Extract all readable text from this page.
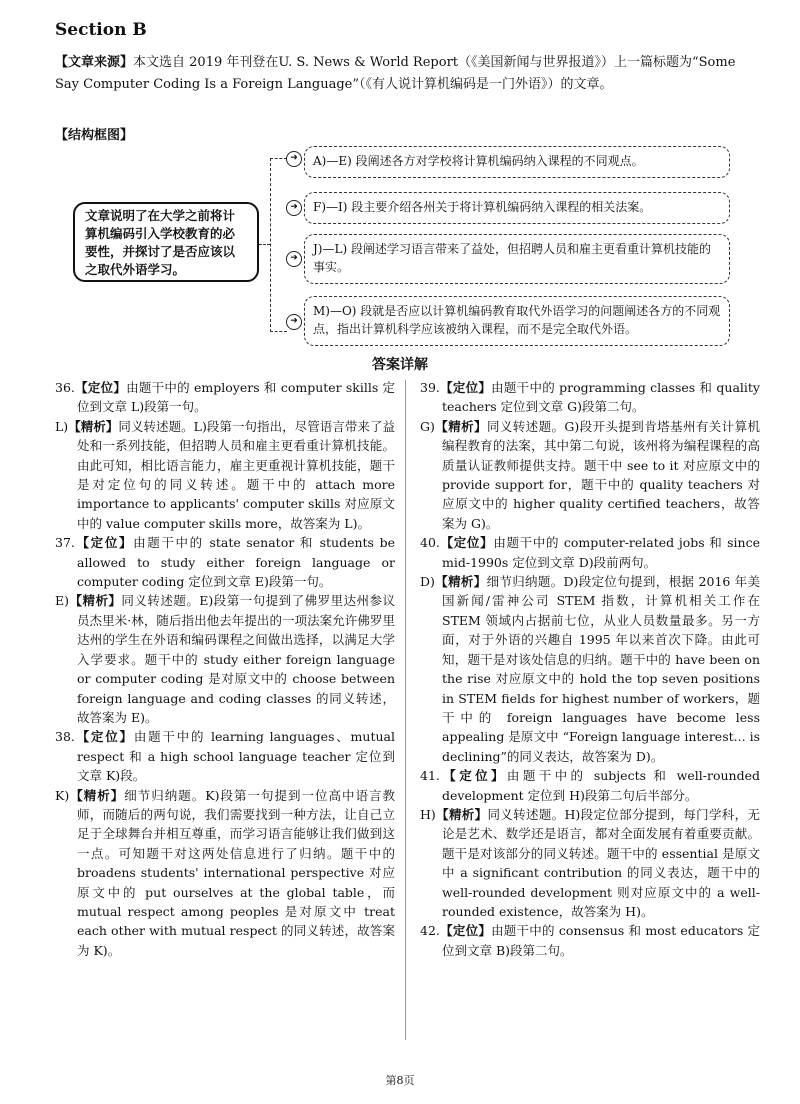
Section B
【文章来源】本文选自 2019 年刊登在U. S. News & World Report（《美国新闻与世界报道》）上一篇标题为“Some Say Computer Coding Is a Foreign Language”（《有人说计算机编码是一门外语》）的文章。
【结构框图】
文章说明了在大学之前将计算机编码引入学校教育的必要性，并探讨了是否应该以之取代外语学习。
➜	A)—E) 段阐述各方对学校将计算机编码纳入课程的不同观点。
➜	F)—I) 段主要介绍各州关于将计算机编码纳入课程的相关法案。
➜
J)—L) 段阐述学习语言带来了益处，但招聘人员和雇主更看重计算机技能的事实。
➜
M)—O) 段就是否应以计算机编码教育取代外语学习的问题阐述各方的不同观点，指出计算机科学应该被纳入课程，而不是完全取代外语。
答案详解

36.【定位】由题干中的 employers 和 computer skills 定位到文章 L)段第一句。

L)【精析】同义转述题。L)段第一句指出，尽管语言带来了益处和一系列技能，但招聘人员和雇主更看重计算机技能。由此可知，相比语言能力，雇主更重视计算机技能，题干是对定位句的同义转述。题干中的 attach more importance to applicants' computer skills 对应原文中的 value computer skills more，故答案为 L)。

37.【定位】由题干中的 state senator 和 students be allowed to study either foreign language or computer coding 定位到文章 E)段第一句。

E)【精析】同义转述题。E)段第一句提到了佛罗里达州参议员杰里米·林，随后指出他去年提出的一项法案允许佛罗里达州的学生在外语和编码课程之间做出选择，以满足大学入学要求。题干中的 study either foreign language or computer coding 是对原文中的 choose between foreign language and coding classes 的同义转述，故答案为 E)。

38.【定位】由题干中的 learning languages、mutual respect 和 a high school language teacher 定位到文章 K)段。

K)【精析】细节归纳题。K)段第一句提到一位高中语言教师，而随后的两句说，我们需要找到一种方法，让自己立足于全球舞台并相互尊重，而学习语言能够让我们做到这一点。可知题干对这两处信息进行了归纳。题干中的 broadens students' international perspective 对应原文中的 put ourselves at the global table，而 mutual respect among peoples 是对原文中 treat each other with mutual respect 的同义转述，故答案为 K)。

39.【定位】由题干中的 programming classes 和 quality teachers 定位到文章 G)段第二句。

G)【精析】同义转述题。G)段开头提到肯塔基州有关计算机编程教育的法案，其中第二句说，该州将为编程课程的高质量认证教师提供支持。题干中 see to it 对应原文中的 provide support for，题干中的 quality teachers 对应原文中的 higher quality certified teachers，故答案为 G)。

40.【定位】由题干中的 computer-related jobs 和 since mid-1990s 定位到文章 D)段前两句。

D)【精析】细节归纳题。D)段定位句提到，根据 2016 年美国新闻/雷神公司 STEM 指数，计算机相关工作在 STEM 领域内占据前七位，从业人员数量最多。另一方面，对于外语的兴趣自 1995 年以来首次下降。由此可知，题干是对该处信息的归纳。题干中的 have been on the rise 对应原文中的 hold the top seven positions in STEM fields for highest number of workers，题干中的 foreign languages have become less appealing 是原文中 “Foreign language interest... is declining”的同义表达，故答案为 D)。

41.【定位】由题干中的 subjects 和 well-rounded development 定位到 H)段第二句后半部分。

H)【精析】同义转述题。H)段定位部分提到，每门学科，无论是艺术、数学还是语言，都对全面发展有着重要贡献。题干是对该部分的同义转述。题干中的 essential 是原文中 a significant contribution 的同义表达，题干中的 well-rounded development 则对应原文中的 a well-rounded existence，故答案为 H)。

42.【定位】由题干中的 consensus 和 most educators 定位到文章 B)段第二句。

第8页
